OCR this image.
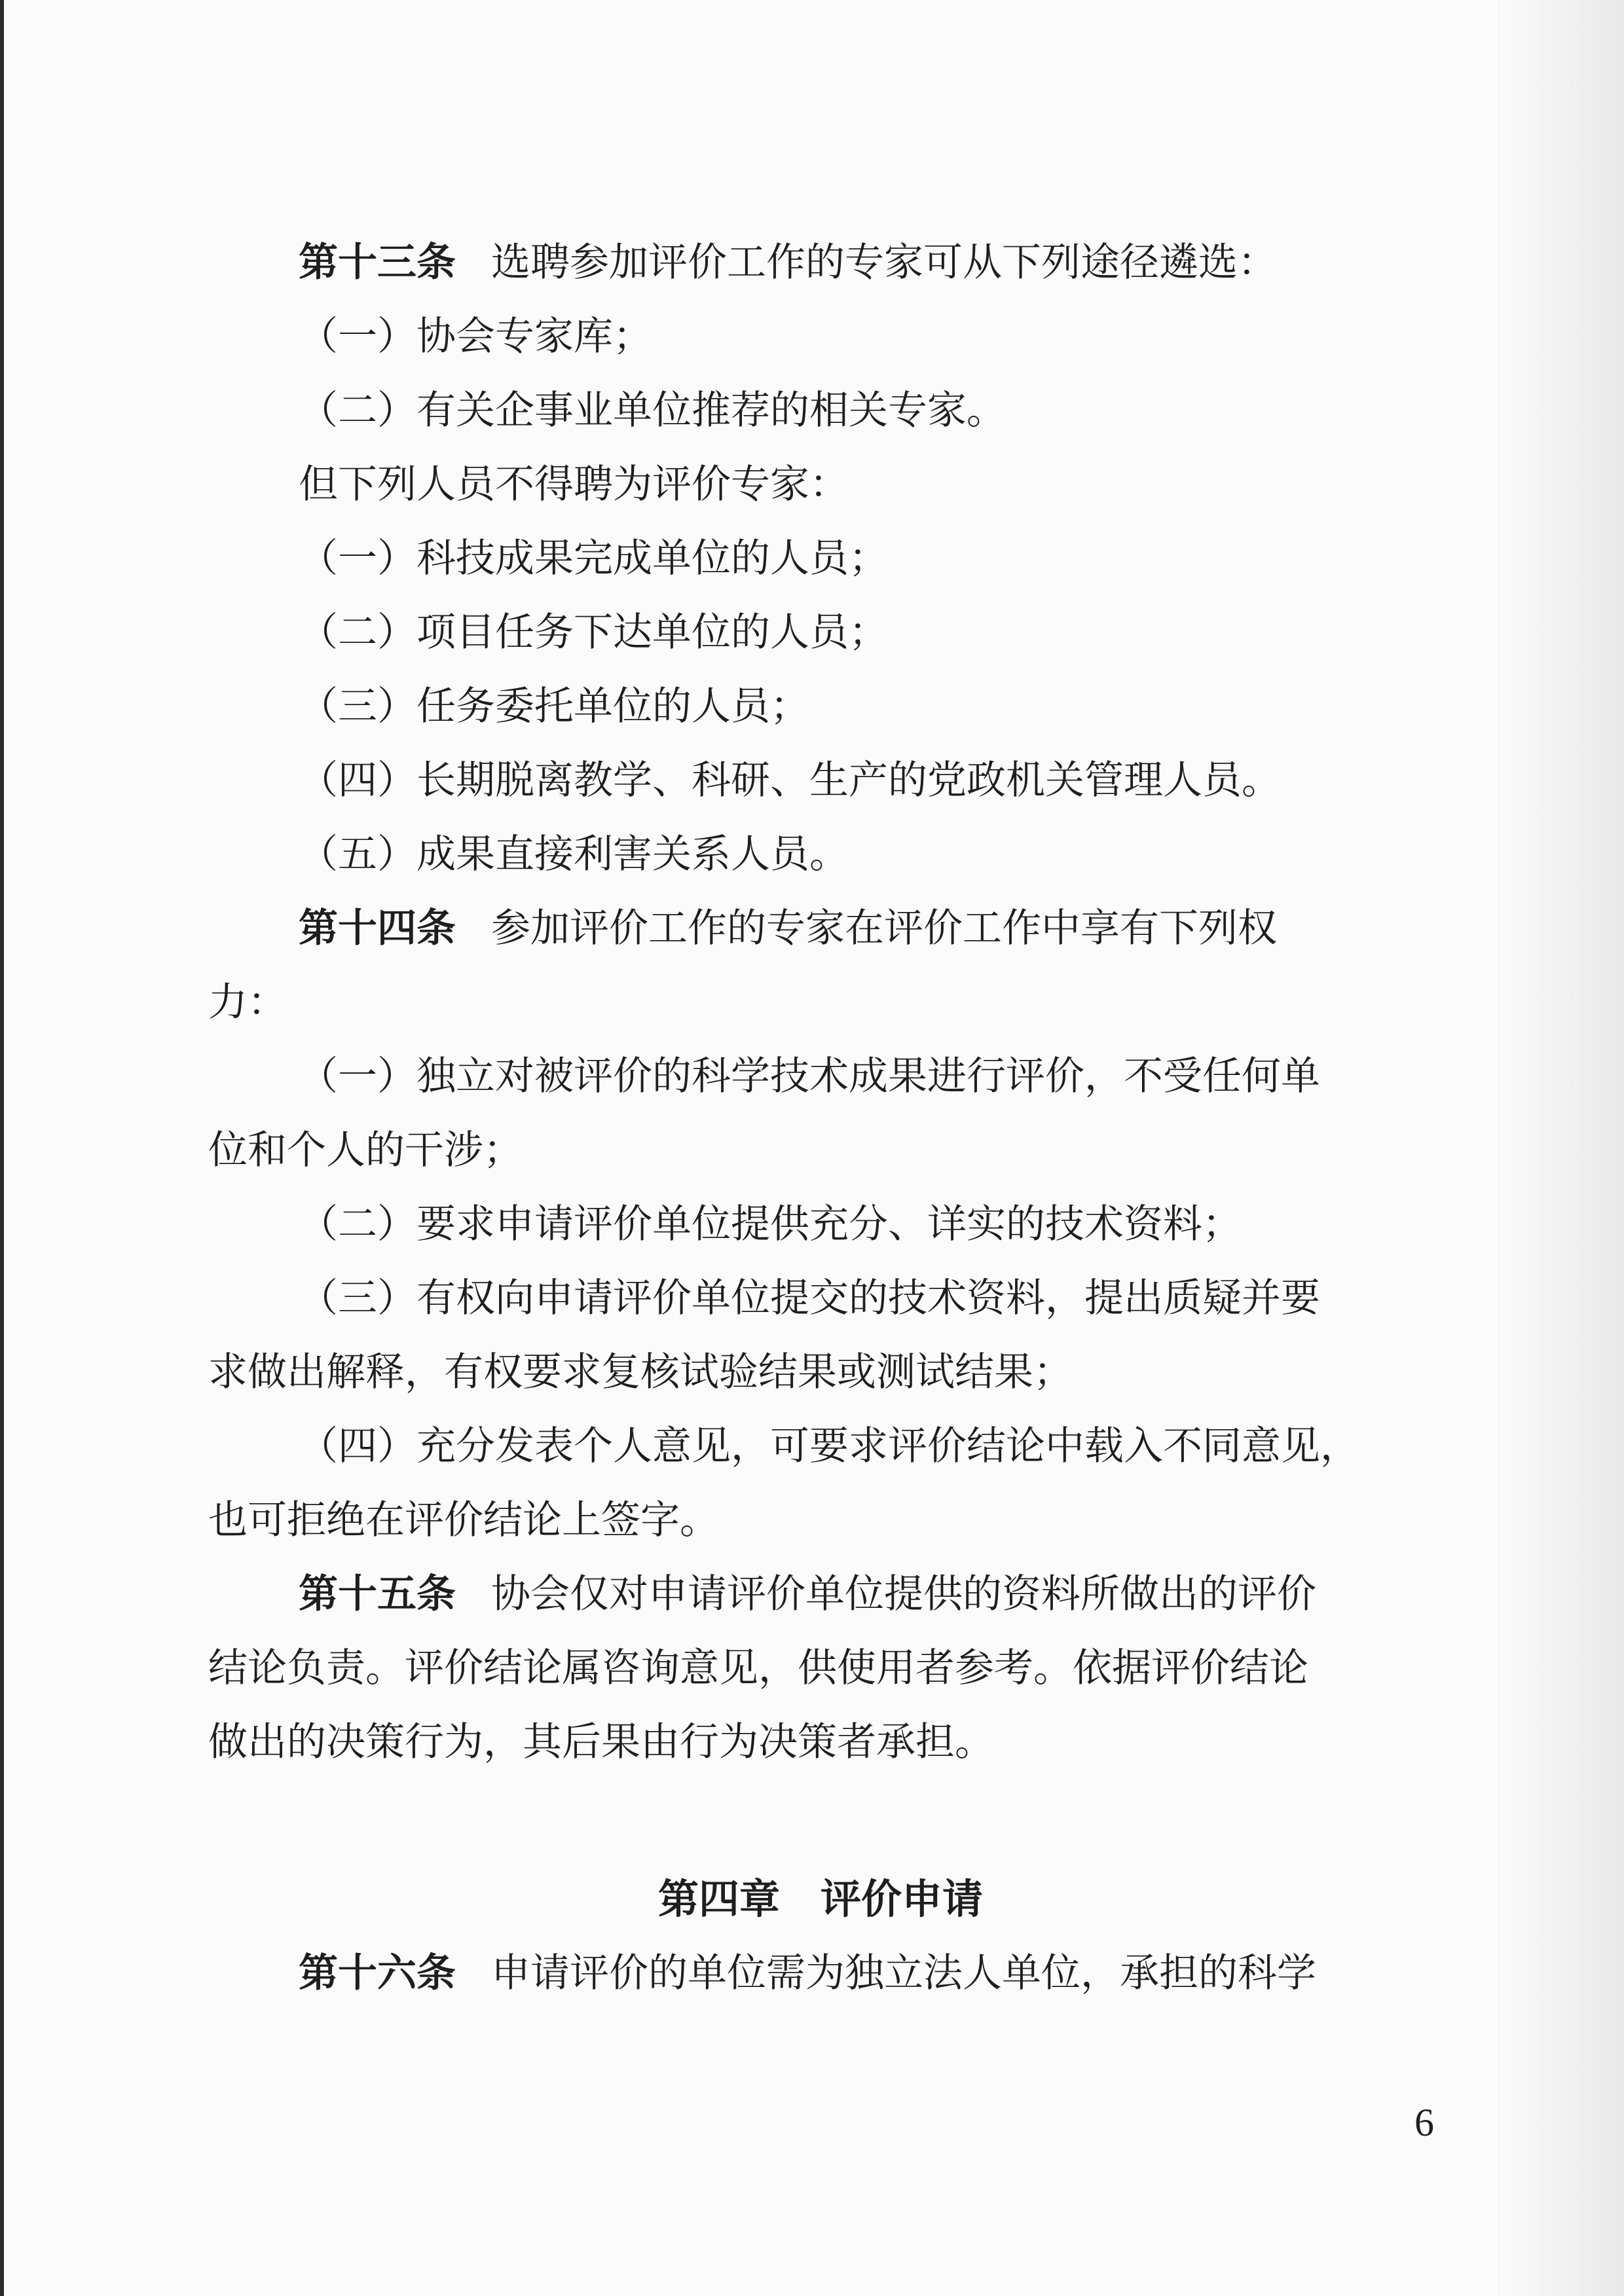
第十三条 选聘参加评价工作的专家可从下列途径遴选：
（一）协会专家库；
（二）有关企事业单位推荐的相关专家。
但下列人员不得聘为评价专家：
（一）科技成果完成单位的人员；
（二）项目任务下达单位的人员；
（三）任务委托单位的人员；
（四）长期脱离教学、科研、生产的党政机关管理人员。
（五）成果直接利害关系人员。
第十四条 参加评价工作的专家在评价工作中享有下列权
力：
（一）独立对被评价的科学技术成果进行评价，不受任何单
位和个人的干涉；
（二）要求申请评价单位提供充分、详实的技术资料；
（三）有权向申请评价单位提交的技术资料，提出质疑并要
求做出解释，有权要求复核试验结果或测试结果；
（四）充分发表个人意见，可要求评价结论中载入不同意见，
也可拒绝在评价结论上签字。
第十五条 协会仅对申请评价单位提供的资料所做出的评价
结论负责。评价结论属咨询意见，供使用者参考。依据评价结论
做出的决策行为，其后果由行为决策者承担。
第四章　评价申请
第十六条 申请评价的单位需为独立法人单位，承担的科学
6
